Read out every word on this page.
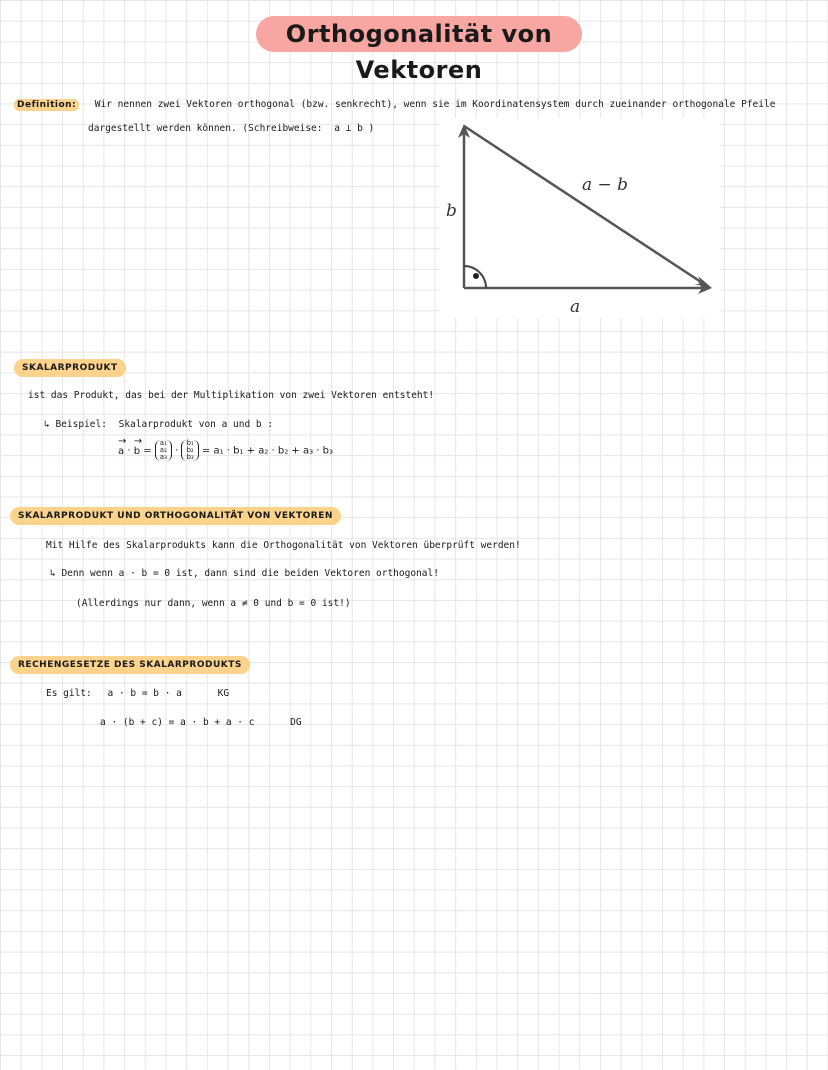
Orthogonalität von Vektoren
Definition: Wir nennen zwei Vektoren orthogonal (bzw. senkrecht), wenn sie im Koordinatensystem durch zueinander orthogonale Pfeile
dargestellt werden können. (Schreibweise: a ⊥ b )
b
a − b
a
SKALARPRODUKT
ist das Produkt, das bei der Multiplikation von zwei Vektoren entsteht!
↳ Beispiel: Skalarprodukt von a und b :
→ a · → b =
a₁
a₂
a₃
·
b₁
b₂
b₃
= a₁ · b₁ + a₂ · b₂ + a₃ · b₃
SKALARPRODUKT UND ORTHOGONALITÄT VON VEKTOREN
Mit Hilfe des Skalarprodukts kann die Orthogonalität von Vektoren überprüft werden!
↳ Denn wenn a · b = 0 ist, dann sind die beiden Vektoren orthogonal!
(Allerdings nur dann, wenn a ≠ 0 und b = 0 ist!)
RECHENGESETZE DES SKALARPRODUKTS
Es gilt: a · b = b · a	KG
a · (b + c) = a · b + a · c	DG
